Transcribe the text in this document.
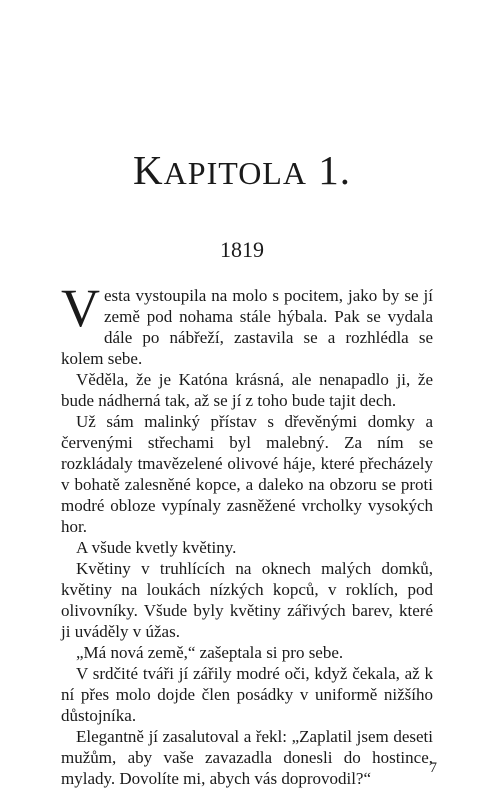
KAPITOLA 1.
1819

Vesta vystoupila na molo s pocitem, jako by se jí země pod nohama stále hýbala. Pak se vydala dále po nábřeží, zastavila se a rozhlédla se kolem sebe.

Věděla, že je Katóna krásná, ale nenapadlo ji, že bude nádherná tak, až se jí z toho bude tajit dech.

Už sám malinký přístav s dřevěnými domky a červenými střechami byl malebný. Za ním se rozkládaly tmavězelené olivové háje, které přecházely v bohatě zalesněné kopce, a daleko na obzoru se proti modré obloze vypínaly zasněžené vrcholky vysokých hor.

A všude kvetly květiny.

Květiny v truhlících na oknech malých domků, květiny na loukách nízkých kopců, v roklích, pod olivovníky. Všude byly květiny zářivých barev, které ji uváděly v úžas.

„Má nová země,“ zašeptala si pro sebe.

V srdčité tváři jí zářily modré oči, když čekala, až k ní přes molo dojde člen posádky v uniformě nižšího důstojníka.

Elegantně jí zasalutoval a řekl: „Zaplatil jsem deseti mužům, aby vaše zavazadla donesli do hostince, mylady. Dovolíte mi, abych vás doprovodil?“

7
